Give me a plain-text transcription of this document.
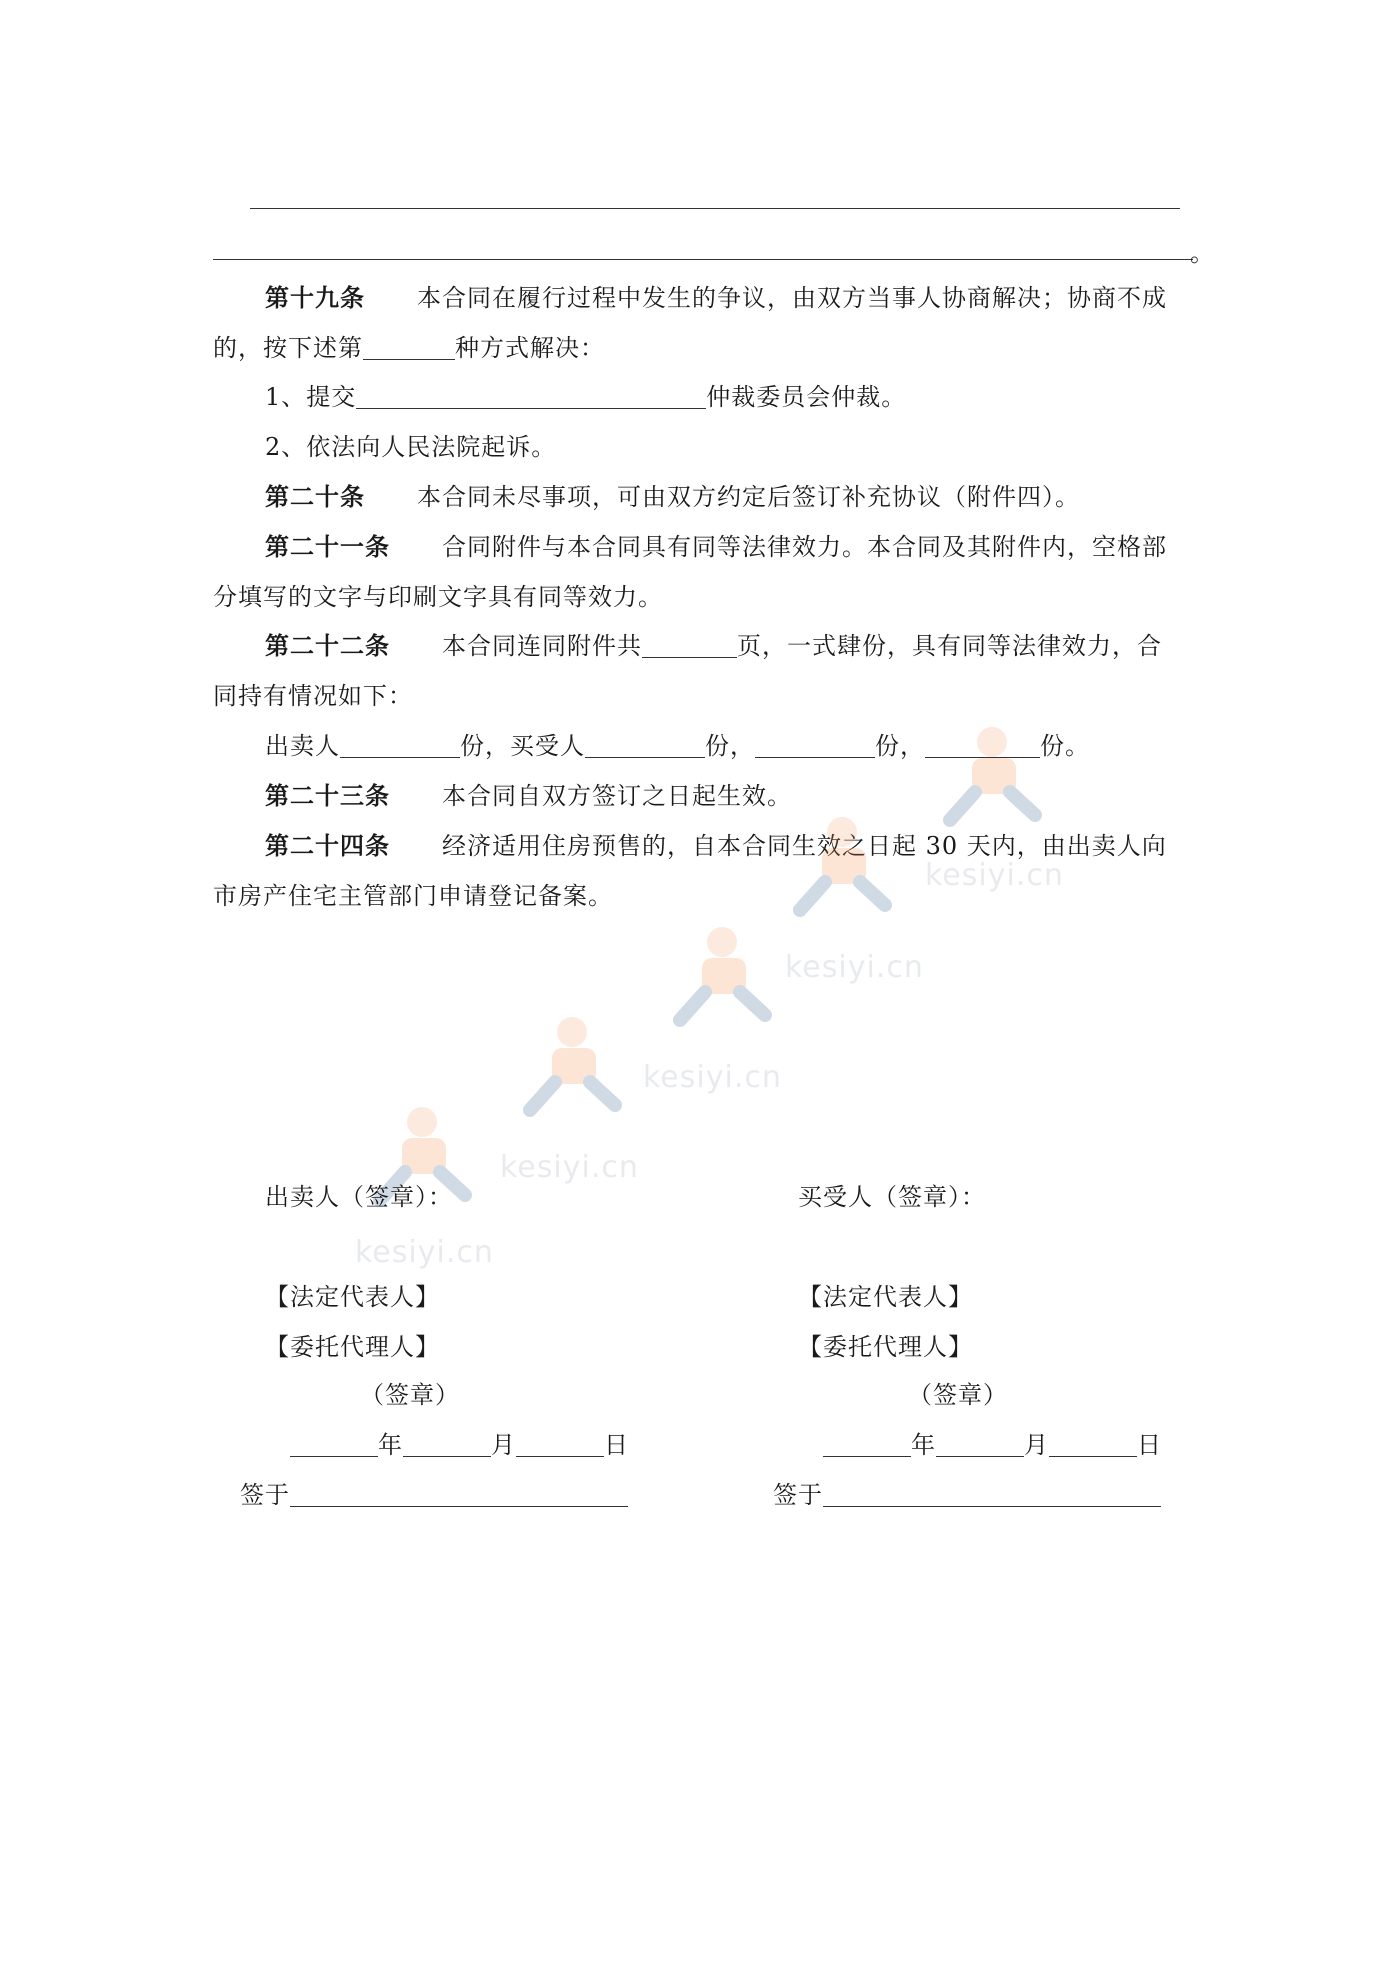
。
第十九条 本合同在履行过程中发生的争议，由双方当事人协商解决；协商不成
的，按下述第	种方式解决：
1、提交	仲裁委员会仲裁。
2、依法向人民法院起诉。
第二十条 本合同未尽事项，可由双方约定后签订补充协议（附件四）。
第二十一条 合同附件与本合同具有同等法律效力。本合同及其附件内，空格部
分填写的文字与印刷文字具有同等效力。
第二十二条 本合同连同附件共	页，一式肆份，具有同等法律效力，合
同持有情况如下：
出卖人	份，买受人	份，	份，	份。
第二十三条 本合同自双方签订之日起生效。
第二十四条 经济适用住房预售的，自本合同生效之日起 30 天内，由出卖人向
市房产住宅主管部门申请登记备案。
kesiyi.cn
kesiyi.cn
kesiyi.cn
kesiyi.cn
kesiyi.cn
出卖人（签章）：
【法定代表人】
【委托代理人】
（签章）
年	月	日
签于
买受人（签章）：
【法定代表人】
【委托代理人】
（签章）
年	月	日
签于
